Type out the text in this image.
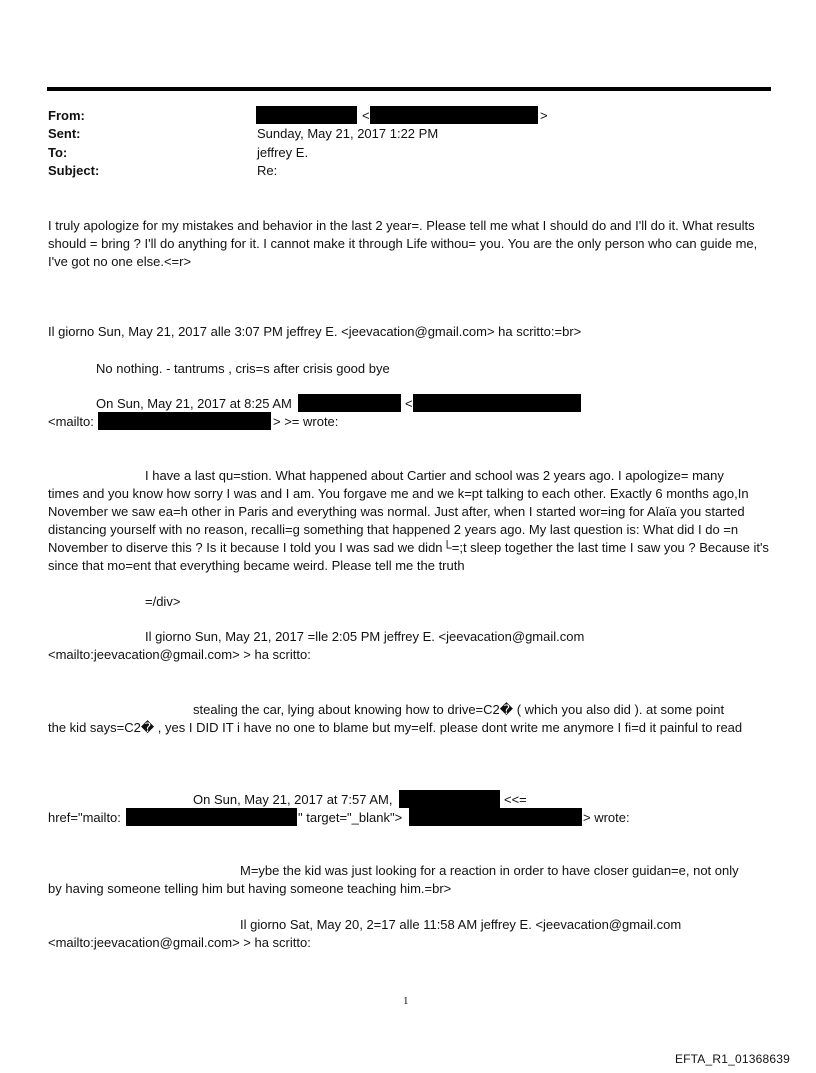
From:	<	>
Sent:	Sunday, May 21, 2017 1:22 PM
To:	jeffrey E.
Subject:	Re:
I truly apologize for my mistakes and behavior in the last 2 year=. Please tell me what I should do and I'll do it. What results should = bring ? I'll do anything for it. I cannot make it through Life withou= you. You are the only person who can guide me, I've got no one else.<=r>
Il giorno Sun, May 21, 2017 alle 3:07 PM jeffrey E. <jeevacation@gmail.com> ha scritto:=br>
No nothing. - tantrums , cris=s after crisis good bye
On Sun, May 21, 2017 at 8:25 AM	<
<mailto:	> >= wrote:
I have a last qu=stion. What happened about Cartier and school was 2 years ago. I apologize= many
times and you know how sorry I was and I am. You forgave me and we k=pt talking to each other. Exactly 6 months ago,In November we saw ea=h other in Paris and everything was normal. Just after, when I started wor=ing for Alaïa you started distancing yourself with no reason, recalli=g something that happened 2 years ago. My last question is: What did I do =n November to diserve this ? Is it because I told you I was sad we didn└=;t sleep together the last time I saw you ? Because it's since that mo=ent that everything became weird. Please tell me the truth
=/div>
Il giorno Sun, May 21, 2017 =lle 2:05 PM jeffrey E. <jeevacation@gmail.com
<mailto:jeevacation@gmail.com> > ha scritto:
stealing the car, lying about knowing how to drive=C2� ( which you also did ). at some point
the kid says=C2� , yes I DID IT i have no one to blame but my=elf. please dont write me anymore I fi=d it painful to read
On Sun, May 21, 2017 at 7:57 AM,	<<=
href="mailto:	" target="_blank">	> wrote:
M=ybe the kid was just looking for a reaction in order to have closer guidan=e, not only
by having someone telling him but having someone teaching him.=br>
Il giorno Sat, May 20, 2=17 alle 11:58 AM jeffrey E. <jeevacation@gmail.com
<mailto:jeevacation@gmail.com> > ha scritto:
1
EFTA_R1_01368639
